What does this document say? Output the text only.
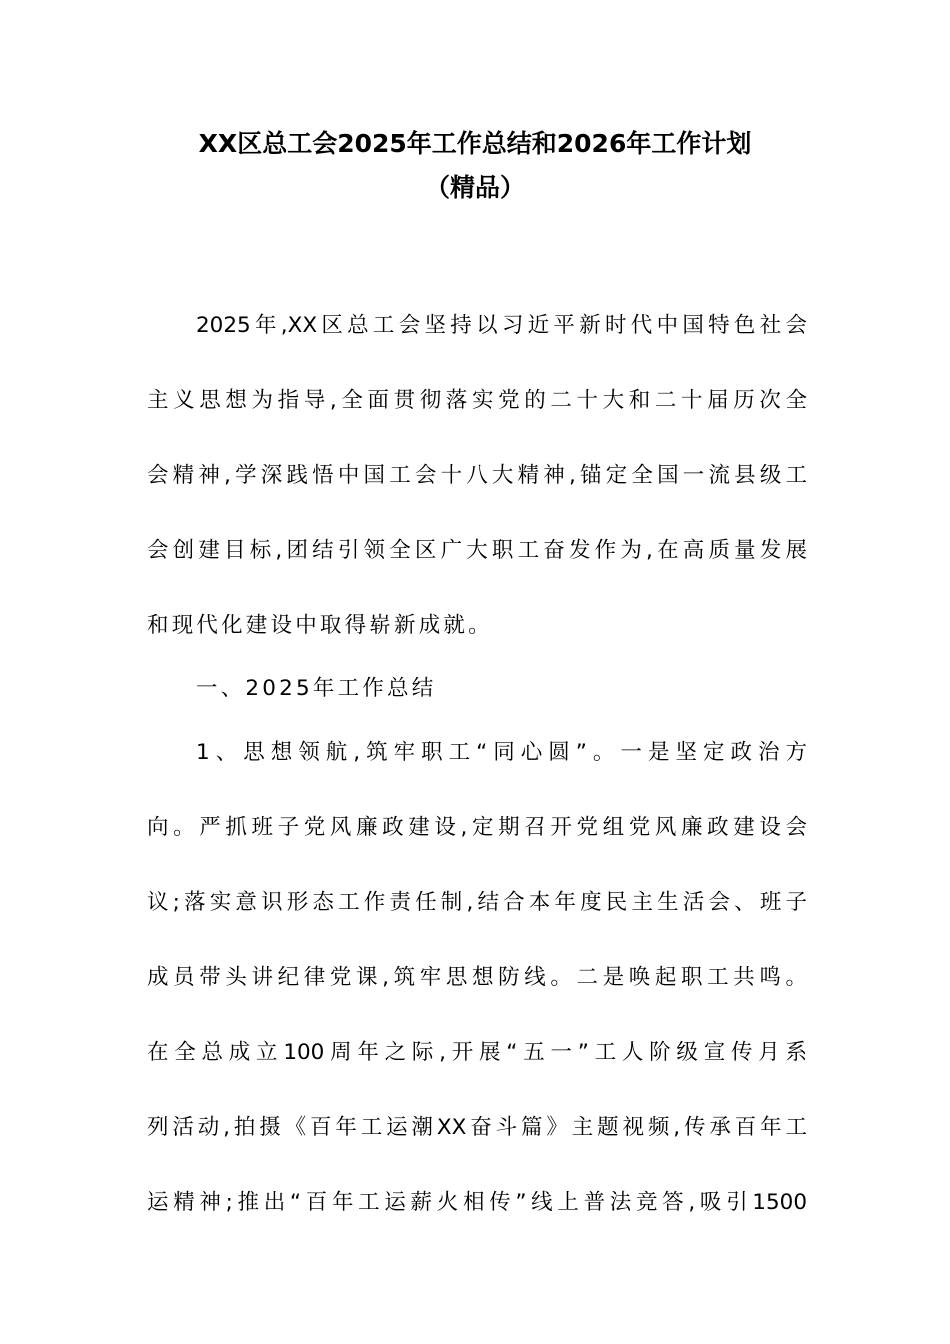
XX区总工会2025年工作总结和2026年工作计划
（精品）
2025年,XX区总工会坚持以习近平新时代中国特色社会
主义思想为指导,全面贯彻落实党的二十大和二十届历次全
会精神,学深践悟中国工会十八大精神,锚定全国一流县级工
会创建目标,团结引领全区广大职工奋发作为,在高质量发展
和现代化建设中取得崭新成就。
一、2025年工作总结
1、思想领航,筑牢职工“同心圆”。一是坚定政治方
向。严抓班子党风廉政建设,定期召开党组党风廉政建设会
议;落实意识形态工作责任制,结合本年度民主生活会、班子
成员带头讲纪律党课,筑牢思想防线。二是唤起职工共鸣。
在全总成立100周年之际,开展“五一”工人阶级宣传月系
列活动,拍摄《百年工运潮XX奋斗篇》主题视频,传承百年工
运精神;推出“百年工运薪火相传”线上普法竞答,吸引1500
